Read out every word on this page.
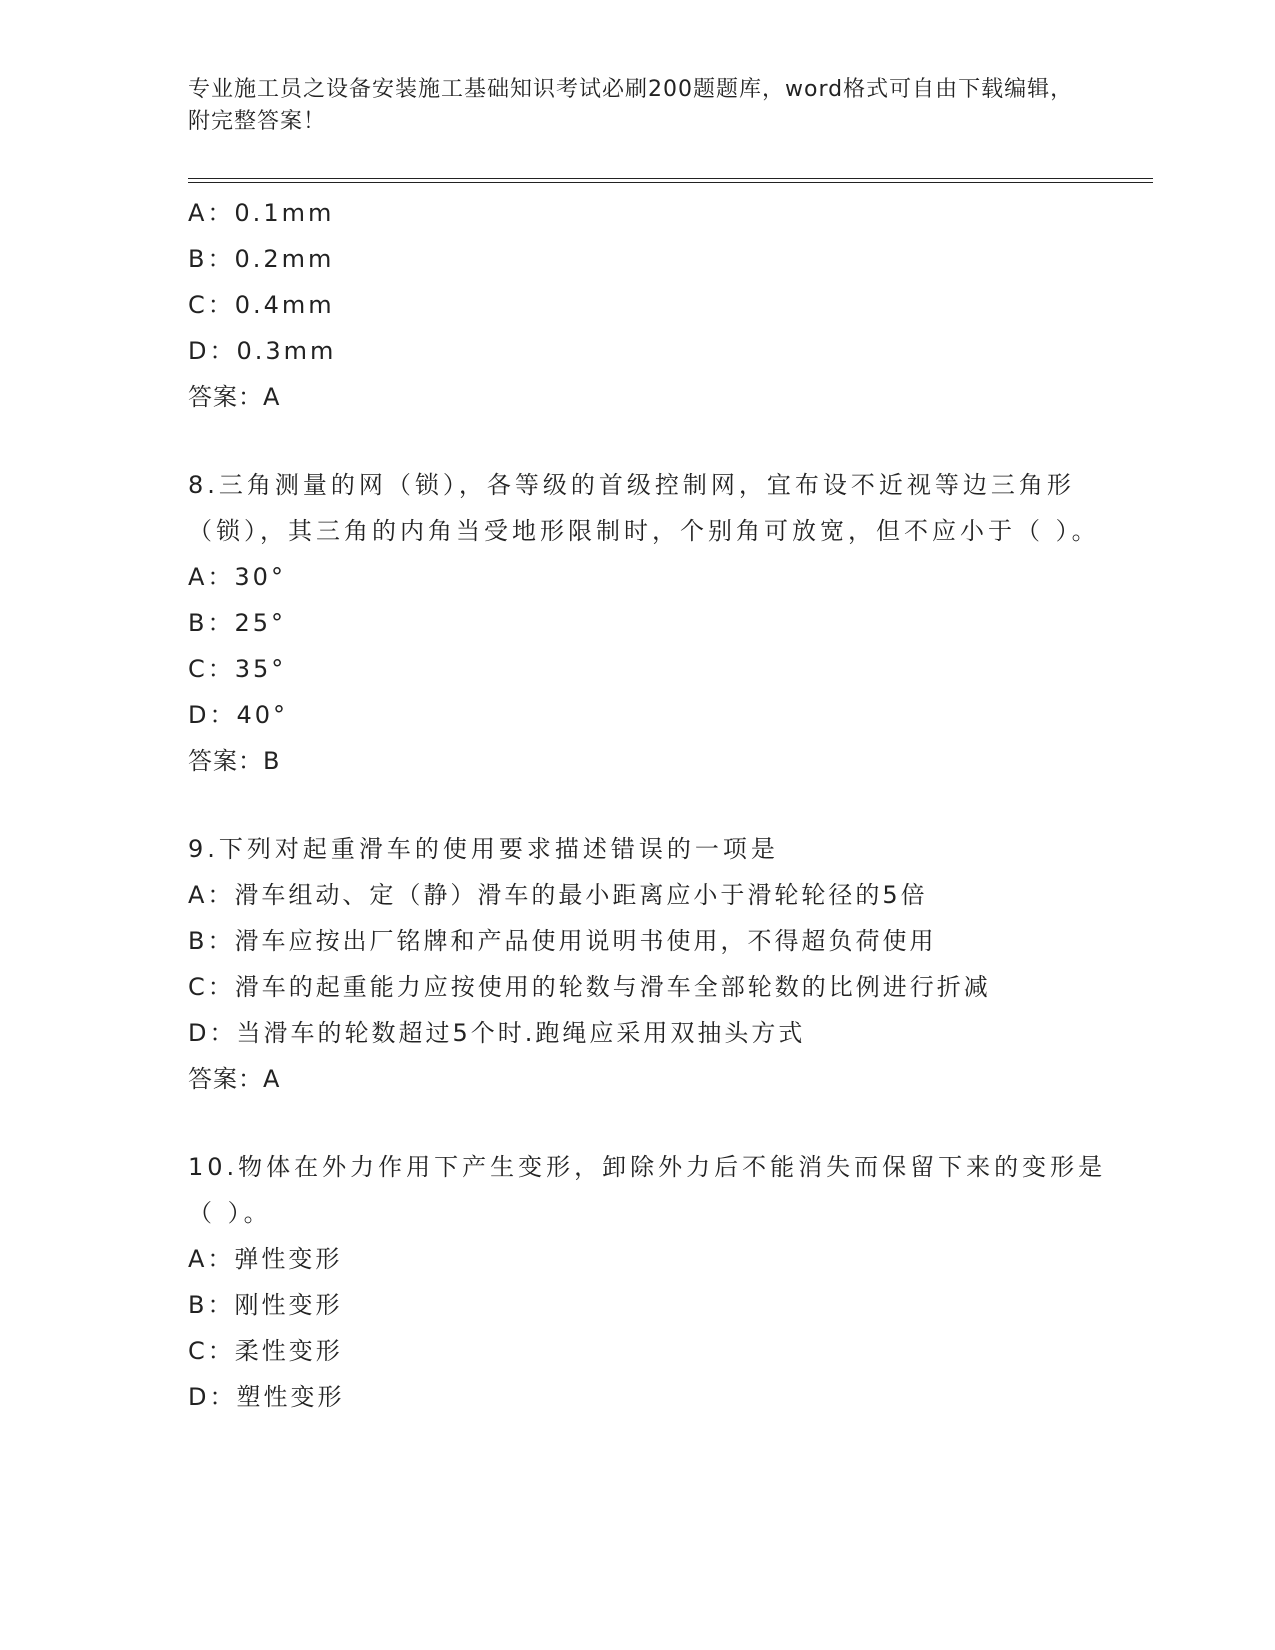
专业施工员之设备安装施工基础知识考试必刷200题题库，word格式可自由下载编辑，附完整答案！
A：0.1mm
B：0.2mm
C：0.4mm
D：0.3mm
答案：A
8.三角测量的网（锁），各等级的首级控制网，宜布设不近视等边三角形（锁），其三角的内角当受地形限制时，个别角可放宽，但不应小于（ ）。
A：30°
B：25°
C：35°
D：40°
答案：B
9.下列对起重滑车的使用要求描述错误的一项是
A：滑车组动、定（静）滑车的最小距离应小于滑轮轮径的5倍
B：滑车应按出厂铭牌和产品使用说明书使用，不得超负荷使用
C：滑车的起重能力应按使用的轮数与滑车全部轮数的比例进行折减
D：当滑车的轮数超过5个时.跑绳应采用双抽头方式
答案：A
10.物体在外力作用下产生变形，卸除外力后不能消失而保留下来的变形是（ ）。
A：弹性变形
B：刚性变形
C：柔性变形
D：塑性变形
